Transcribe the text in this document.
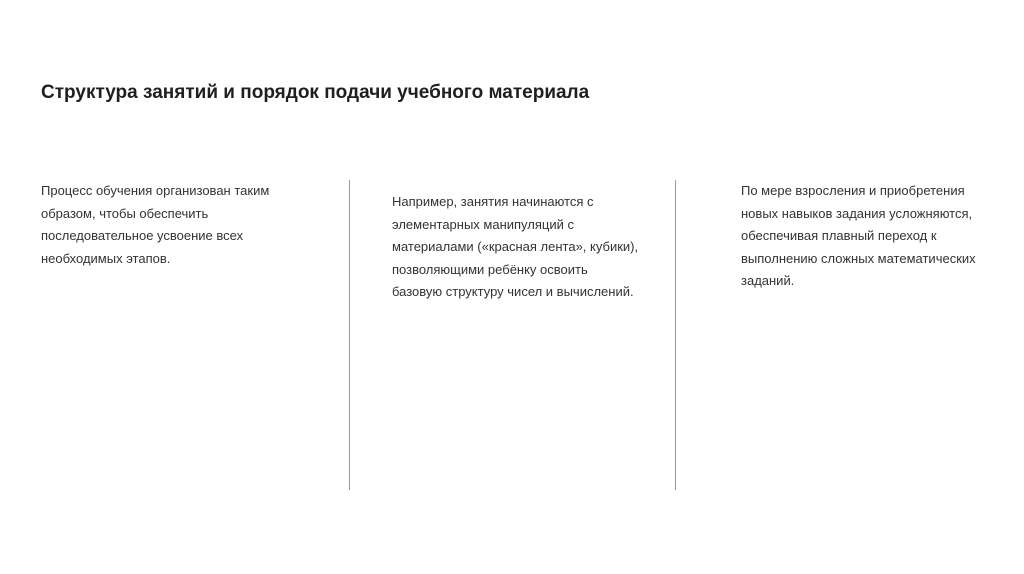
Структура занятий и порядок подачи учебного материала

Процесс обучения организован таким
образом, чтобы обеспечить
последовательное усвоение всех
необходимых этапов.

Например, занятия начинаются с
элементарных манипуляций с
материалами («красная лента», кубики),
позволяющими ребёнку освоить
базовую структуру чисел и вычислений.

По мере взросления и приобретения
новых навыков задания усложняются,
обеспечивая плавный переход к
выполнению сложных математических
заданий.
